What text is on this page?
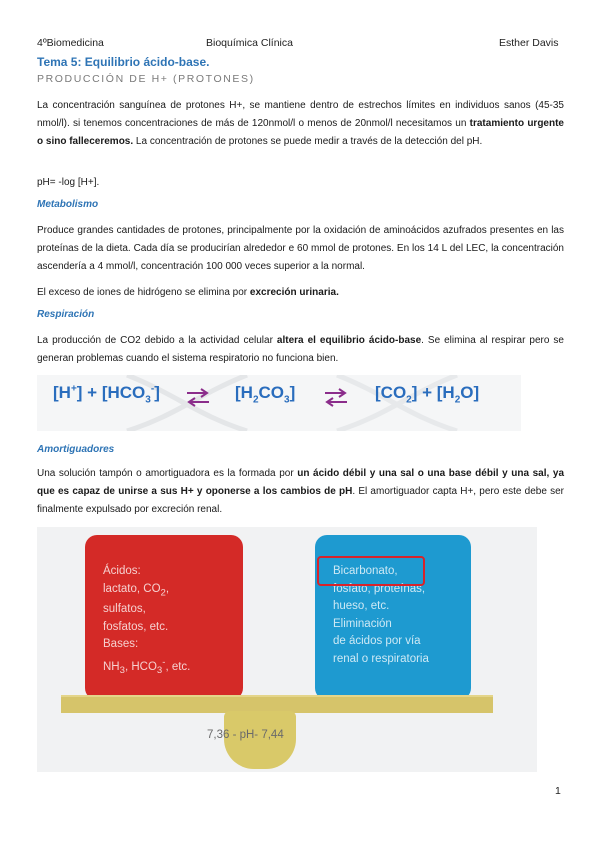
4ºBiomedicina	Bioquímica Clínica	Esther Davis
Tema 5: Equilibrio ácido-base.
PRODUCCIÓN DE H+ (PROTONES)
La concentración sanguínea de protones H+, se mantiene dentro de estrechos límites en individuos sanos (45-35 nmol/l). si tenemos concentraciones de más de 120nmol/l o menos de 20nmol/l necesitamos un tratamiento urgente o sino falleceremos. La concentración de protones se puede medir a través de la detección del pH.
pH= -log [H+].
Metabolismo
Produce grandes cantidades de protones, principalmente por la oxidación de aminoácidos azufrados presentes en las proteínas de la dieta. Cada día se producirían alrededor e 60 mmol de protones. En los 14 L del LEC, la concentración ascendería a 4 mmol/l, concentración 100 000 veces superior a la normal.
El exceso de iones de hidrógeno se elimina por excreción urinaria.
Respiración
La producción de CO2 debido a la actividad celular altera el equilibrio ácido-base. Se elimina al respirar pero se generan problemas cuando el sistema respiratorio no funciona bien.
$[H^+] + [HCO_3^-]$ ⇌ $[H_2CO_3]$	$[CO_2] + [H_2O]$
Amortiguadores
Una solución tampón o amortiguadora es la formada por un ácido débil y una sal o una base débil y una sal, ya que es capaz de unirse a sus H+ y oponerse a los cambios de pH. El amortiguador capta H+, pero este debe ser finalmente expulsado por excreción renal.
Ácidos:
lactato, $CO_2$,
sulfatos,
fosfatos, etc.
Bases:
$NH_3$, $HCO_3^-$, etc.
Bicarbonato,
fosfato, proteínas,
hueso, etc.
Eliminación
de ácidos por vía
renal o respiratoria
7,36 - pH- 7,44
1
